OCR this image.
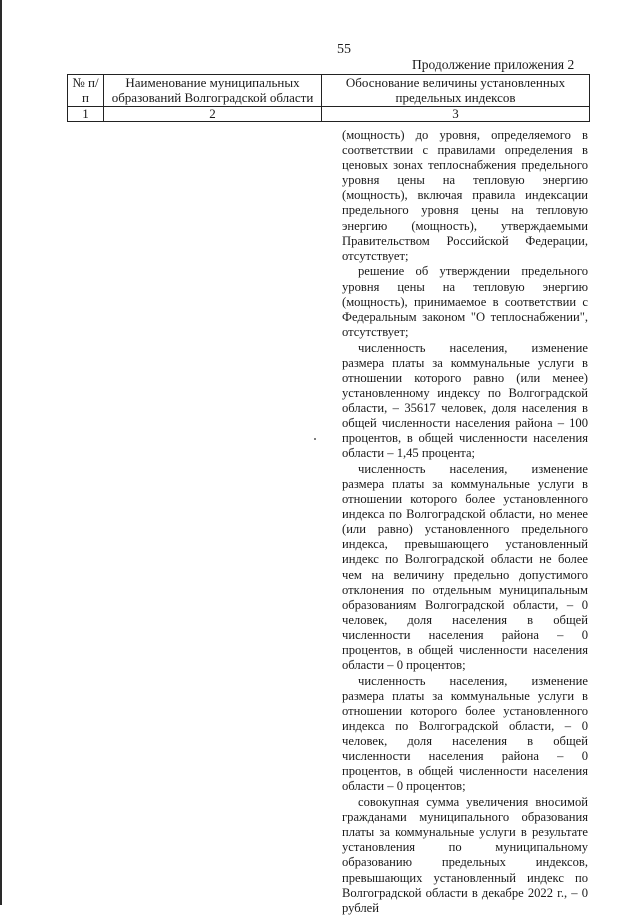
55
Продолжение приложения 2
№ п/п	Наименование муниципальных образований Волгоградской области	Обоснование величины установленных предельных индексов
1	2	3

(мощность) до уровня, определяемого в соответствии с правилами определения в ценовых зонах теплоснабжения предельного уровня цены на тепловую энергию (мощность), включая правила индексации предельного уровня цены на тепловую энергию (мощность), утверждаемыми Правительством Российской Федерации, отсутствует;

решение об утверждении предельного уровня цены на тепловую энергию (мощность), принимаемое в соответствии с Федеральным законом "О теплоснабжении", отсутствует;

численность населения, изменение размера платы за коммунальные услуги в отношении которого равно (или менее) установленному индексу по Волгоградской области, – 35617 человек, доля населения в общей численности населения района – 100 процентов, в общей численности населения области – 1,45 процента;

численность населения, изменение размера платы за коммунальные услуги в отношении которого более установленного индекса по Волгоградской области, но менее (или равно) установленного предельного индекса, превышающего установленный индекс по Волгоградской области не более чем на величину предельно допустимого отклонения по отдельным муниципальным образованиям Волгоградской области, – 0 человек, доля населения в общей численности населения района – 0 процентов, в общей численности населения области – 0 процентов;

численность населения, изменение размера платы за коммунальные услуги в отношении которого более установленного индекса по Волгоградской области, – 0 человек, доля населения в общей численности населения района – 0 процентов, в общей численности населения области – 0 процентов;

совокупная сумма увеличения вносимой гражданами муниципального образования платы за коммунальные услуги в результате установления по муниципальному образованию предельных индексов, превышающих установленный индекс по Волгоградской области в декабре 2022 г., – 0 рублей
